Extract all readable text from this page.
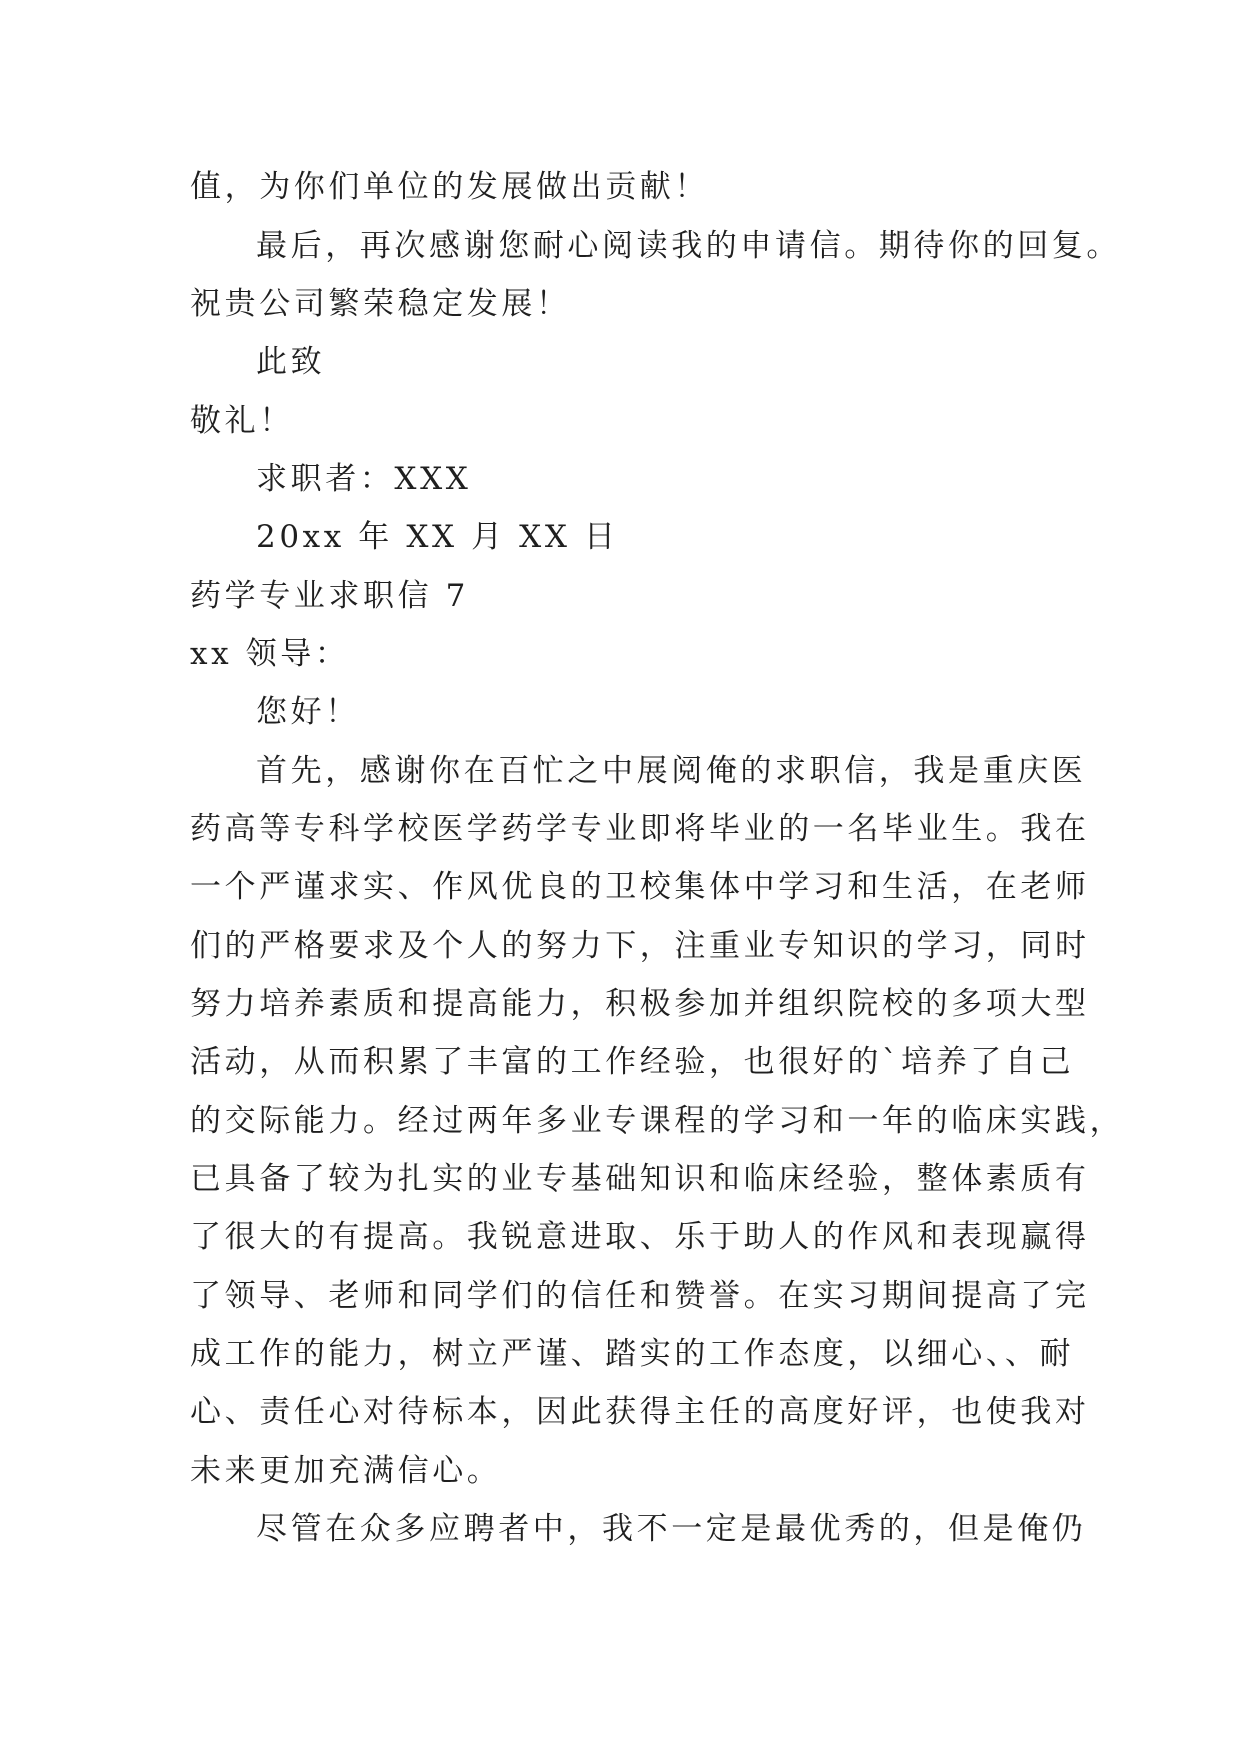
值，为你们单位的发展做出贡献！
最后，再次感谢您耐心阅读我的申请信。期待你的回复。
祝贵公司繁荣稳定发展！
此致
敬礼！
求职者：XXX
20xx 年 XX 月 XX 日
药学专业求职信 7
xx 领导：
您好！
首先，感谢你在百忙之中展阅俺的求职信，我是重庆医
药高等专科学校医学药学专业即将毕业的一名毕业生。我在
一个严谨求实、作风优良的卫校集体中学习和生活，在老师
们的严格要求及个人的努力下，注重业专知识的学习，同时
努力培养素质和提高能力，积极参加并组织院校的多项大型
活动，从而积累了丰富的工作经验，也很好的`培养了自己
的交际能力。经过两年多业专课程的学习和一年的临床实践，
已具备了较为扎实的业专基础知识和临床经验，整体素质有
了很大的有提高。我锐意进取、乐于助人的作风和表现赢得
了领导、老师和同学们的信任和赞誉。在实习期间提高了完
成工作的能力，树立严谨、踏实的工作态度，以细心、、耐
心、责任心对待标本，因此获得主任的高度好评，也使我对
未来更加充满信心。
尽管在众多应聘者中，我不一定是最优秀的，但是俺仍
